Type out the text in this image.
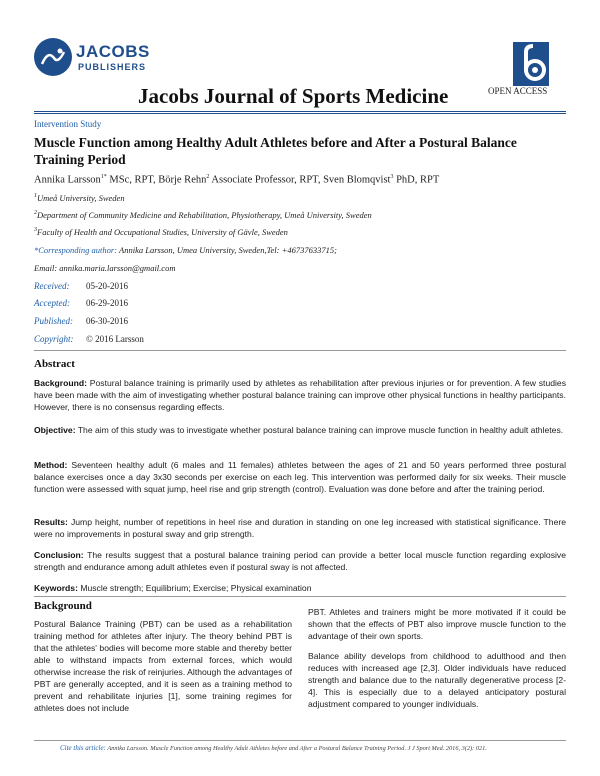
JACOBS
PUBLISHERS
OPEN ACCESS
Jacobs Journal of Sports Medicine
Intervention Study
Muscle Function among Healthy Adult Athletes before and After a Postural Balance Training Period
Annika Larsson$^{1*}$ MSc, RPT, Börje Rehn$^2$ Associate Professor, RPT, Sven Blomqvist$^3$ PhD, RPT
$^1$Umeå University, Sweden
$^2$Department of Community Medicine and Rehabilitation, Physiotherapy, Umeå University, Sweden
$^3$Faculty of Health and Occupational Studies, University of Gävle, Sweden
*Corresponding author: Annika Larsson, Umea University, Sweden,Tel: +46737633715;
Email: annika.maria.larsson@gmail.com
Received: 05-20-2016
Accepted: 06-29-2016
Published: 06-30-2016
Copyright: © 2016 Larsson
Abstract
Background: Postural balance training is primarily used by athletes as rehabilitation after previous injuries or for prevention. A few studies have been made with the aim of investigating whether postural balance training can improve other physical functions in healthy participants. However, there is no consensus regarding effects.
Objective: The aim of this study was to investigate whether postural balance training can improve muscle function in healthy adult athletes.
Method: Seventeen healthy adult (6 males and 11 females) athletes between the ages of 21 and 50 years performed three postural balance exercises once a day 3x30 seconds per exercise on each leg. This intervention was performed daily for six weeks. Their muscle function were assessed with squat jump, heel rise and grip strength (control). Evaluation was done before and after the training period.
Results: Jump height, number of repetitions in heel rise and duration in standing on one leg increased with statistical significance. There were no improvements in postural sway and grip strength.
Conclusion: The results suggest that a postural balance training period can provide a better local muscle function regarding explosive strength and endurance among adult athletes even if postural sway is not affected.
Keywords: Muscle strength; Equilibrium; Exercise; Physical examination
Background
Postural Balance Training (PBT) can be used as a rehabilitation training method for athletes after injury. The theory behind PBT is that the athletes' bodies will become more stable and thereby better able to withstand impacts from external forces, which would otherwise increase the risk of reinjuries. Although the advantages of PBT are generally accepted, and it is seen as a training method to prevent and rehabilitate injuries [1], some training regimes for athletes does not include
PBT. Athletes and trainers might be more motivated if it could be shown that the effects of PBT also improve muscle function to the advantage of their own sports.
Balance ability develops from childhood to adulthood and then reduces with increased age [2,3]. Older individuals have reduced strength and balance due to the naturally degenerative process [2-4]. This is especially due to a delayed anticipatory postural adjustment compared to younger individuals.
Cite this article: Annika Larsson. Muscle Function among Healthy Adult Athletes before and After a Postural Balance Training Period. J J Sport Med. 2016, 3(2): 021.
